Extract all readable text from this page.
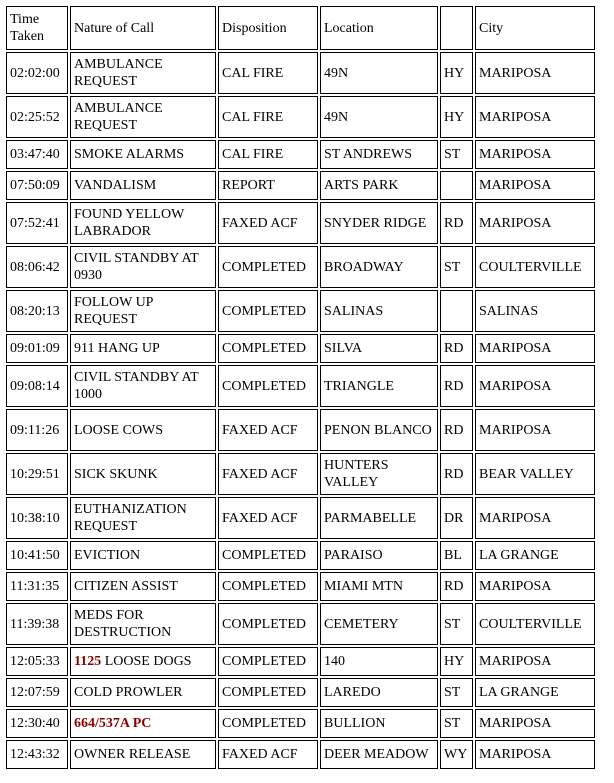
Time Taken	Nature of Call	Disposition	Location		City
02:02:00	AMBULANCE REQUEST	CAL FIRE	49N	HY	MARIPOSA
02:25:52	AMBULANCE REQUEST	CAL FIRE	49N	HY	MARIPOSA
03:47:40	SMOKE ALARMS	CAL FIRE	ST ANDREWS	ST	MARIPOSA
07:50:09	VANDALISM	REPORT	ARTS PARK		MARIPOSA
07:52:41	FOUND YELLOW LABRADOR	FAXED ACF	SNYDER RIDGE	RD	MARIPOSA
08:06:42	CIVIL STANDBY AT 0930	COMPLETED	BROADWAY	ST	COULTERVILLE
08:20:13	FOLLOW UP REQUEST	COMPLETED	SALINAS		SALINAS
09:01:09	911 HANG UP	COMPLETED	SILVA	RD	MARIPOSA
09:08:14	CIVIL STANDBY AT 1000	COMPLETED	TRIANGLE	RD	MARIPOSA
09:11:26	LOOSE COWS	FAXED ACF	PENON BLANCO	RD	MARIPOSA
10:29:51	SICK SKUNK	FAXED ACF	HUNTERS VALLEY	RD	BEAR VALLEY
10:38:10	EUTHANIZATION REQUEST	FAXED ACF	PARMABELLE	DR	MARIPOSA
10:41:50	EVICTION	COMPLETED	PARAISO	BL	LA GRANGE
11:31:35	CITIZEN ASSIST	COMPLETED	MIAMI MTN	RD	MARIPOSA
11:39:38	MEDS FOR DESTRUCTION	COMPLETED	CEMETERY	ST	COULTERVILLE
12:05:33	1125 LOOSE DOGS	COMPLETED	140	HY	MARIPOSA
12:07:59	COLD PROWLER	COMPLETED	LAREDO	ST	LA GRANGE
12:30:40	664/537A PC	COMPLETED	BULLION	ST	MARIPOSA
12:43:32	OWNER RELEASE	FAXED ACF	DEER MEADOW	WY	MARIPOSA
